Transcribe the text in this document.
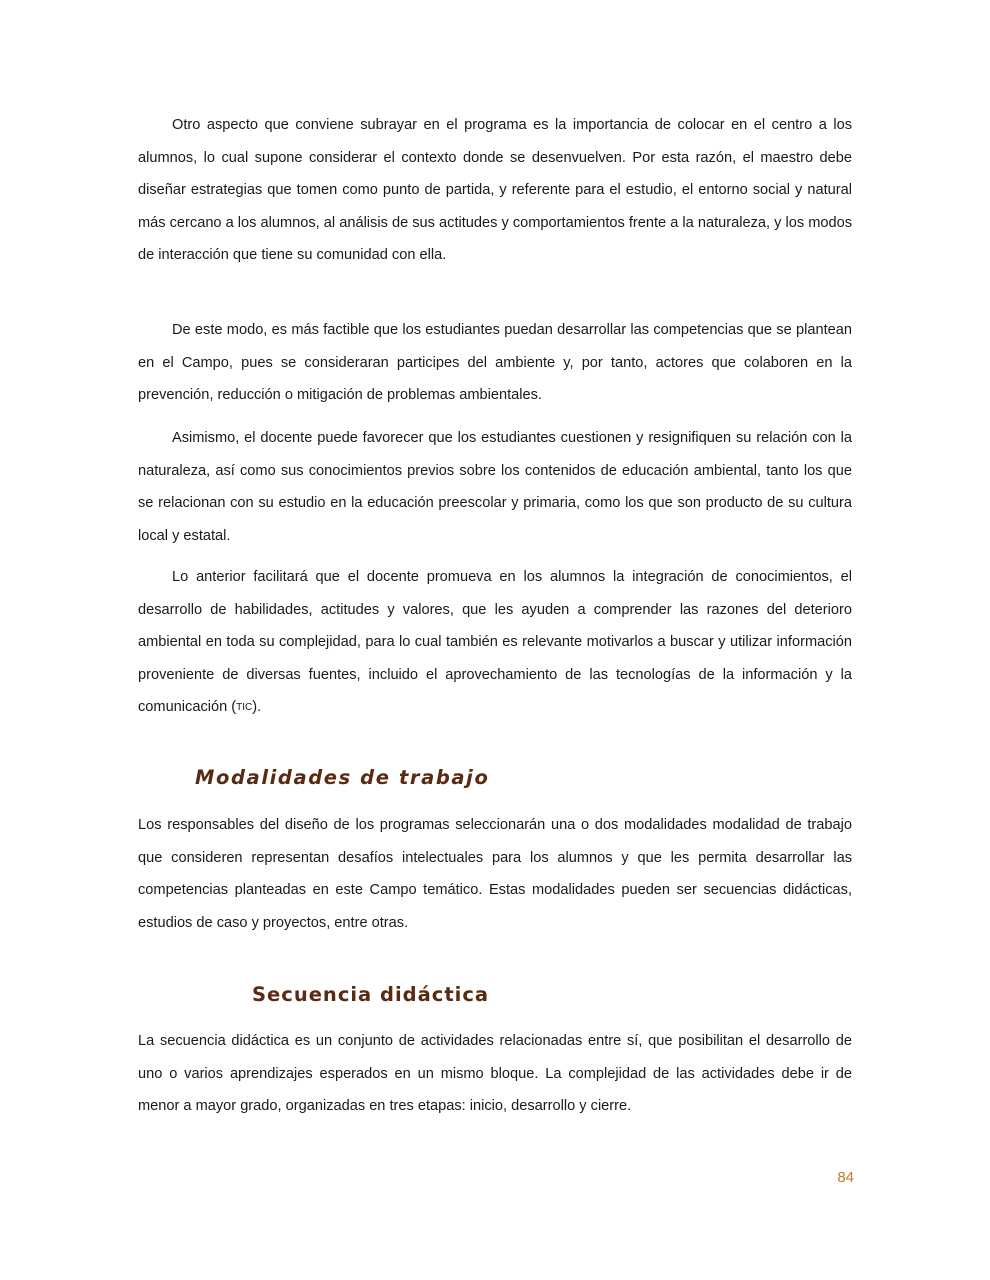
Otro aspecto que conviene subrayar en el programa es la importancia de colocar en el centro a los alumnos, lo cual supone considerar el contexto donde se desenvuelven. Por esta razón, el maestro debe diseñar estrategias que tomen como punto de partida, y referente para el estudio, el entorno social y natural más cercano a los alumnos, al análisis de sus actitudes y comportamientos frente a la naturaleza, y los modos de interacción que tiene su comunidad con ella.

De este modo, es más factible que los estudiantes puedan desarrollar las competencias que se plantean en el Campo, pues se consideraran participes del ambiente y, por tanto, actores que colaboren en la prevención, reducción o mitigación de problemas ambientales.

Asimismo, el docente puede favorecer que los estudiantes cuestionen y resignifiquen su relación con la naturaleza, así como sus conocimientos previos sobre los contenidos de educación ambiental, tanto los que se relacionan con su estudio en la educación preescolar y primaria, como los que son producto de su cultura local y estatal.

Lo anterior facilitará que el docente promueva en los alumnos la integración de conocimientos, el desarrollo de habilidades, actitudes y valores, que les ayuden a comprender las razones del deterioro ambiental en toda su complejidad, para lo cual también es relevante motivarlos a buscar y utilizar información proveniente de diversas fuentes, incluido el aprovechamiento de las tecnologías de la información y la comunicación (TIC).

Modalidades de trabajo

Los responsables del diseño de los programas seleccionarán una o dos modalidades modalidad de trabajo que consideren representan desafíos intelectuales para los alumnos y que les permita desarrollar las competencias planteadas en este Campo temático. Estas modalidades pueden ser secuencias didácticas, estudios de caso y proyectos, entre otras.

Secuencia didáctica

La secuencia didáctica es un conjunto de actividades relacionadas entre sí, que posibilitan el desarrollo de uno o varios aprendizajes esperados en un mismo bloque. La complejidad de las actividades debe ir de menor a mayor grado, organizadas en tres etapas: inicio, desarrollo y cierre.

84
